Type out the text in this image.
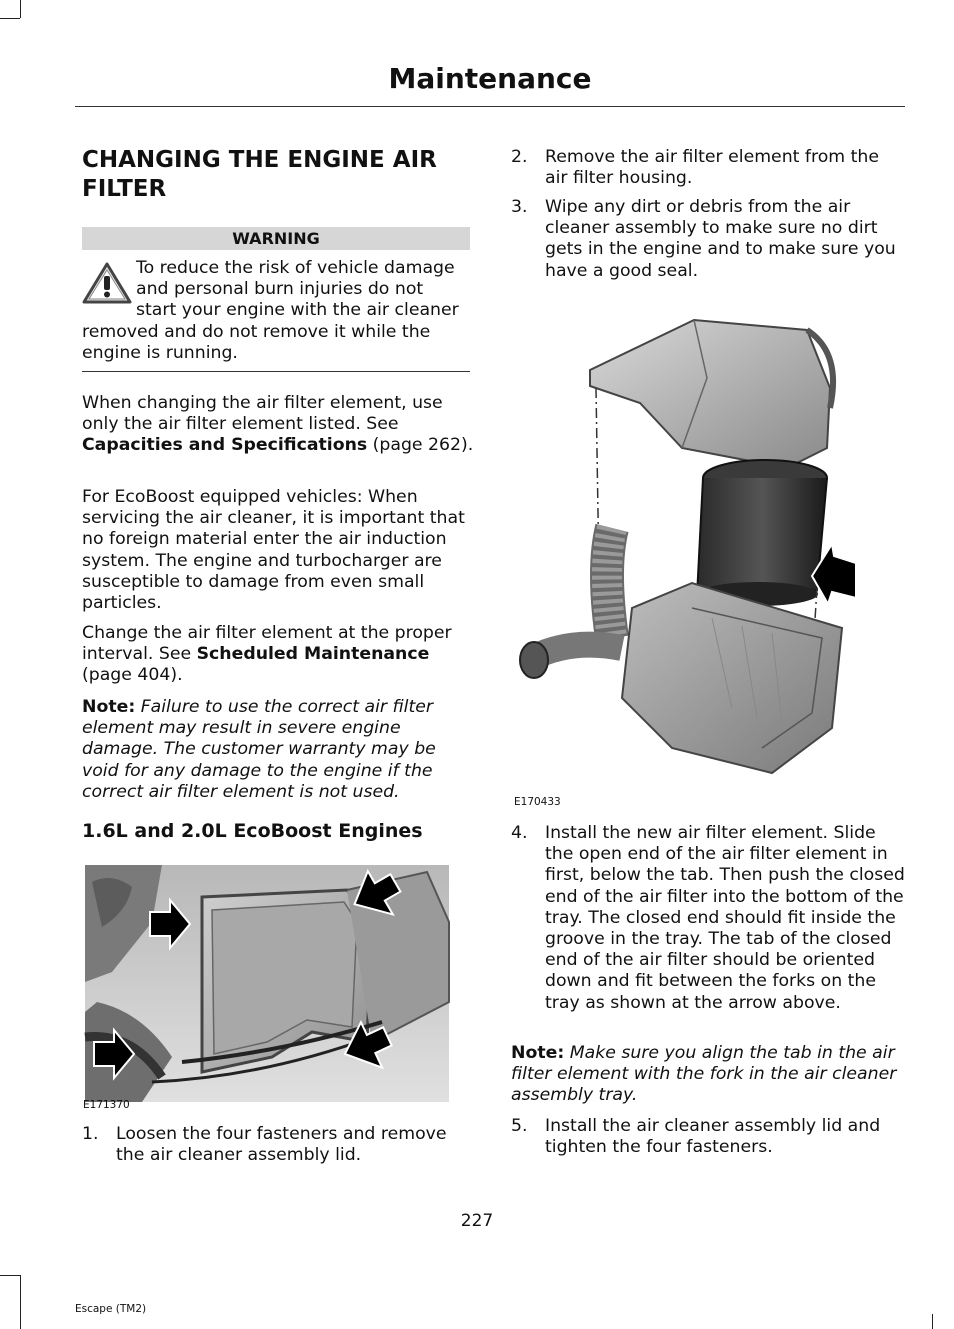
Maintenance
CHANGING THE ENGINE AIR
FILTER
WARNING
To reduce the risk of vehicle damage
and personal burn injuries do not
start your engine with the air cleaner
removed and do not remove it while the engine is running.
When changing the air filter element, use only the air filter element listed. See Capacities and Specifications (page 262).
For EcoBoost equipped vehicles: When servicing the air cleaner, it is important that no foreign material enter the air induction system. The engine and turbocharger are susceptible to damage from even small particles.
Change the air filter element at the proper interval. See Scheduled Maintenance (page 404).
Note: Failure to use the correct air filter element may result in severe engine damage. The customer warranty may be void for any damage to the engine if the correct air filter element is not used.
1.6L and 2.0L EcoBoost Engines
E171370
1.	Loosen the four fasteners and remove the air cleaner assembly lid.
2.	Remove the air filter element from the air filter housing.
3.	Wipe any dirt or debris from the air cleaner assembly to make sure no dirt gets in the engine and to make sure you have a good seal.
E170433
4.	Install the new air filter element. Slide the open end of the air filter element in first, below the tab. Then push the closed end of the air filter into the bottom of the tray. The closed end should fit inside the groove in the tray. The tab of the closed end of the air filter should be oriented down and fit between the forks on the tray as shown at the arrow above.
Note: Make sure you align the tab in the air filter element with the fork in the air cleaner assembly tray.
5.	Install the air cleaner assembly lid and tighten the four fasteners.
227
Escape (TM2)
